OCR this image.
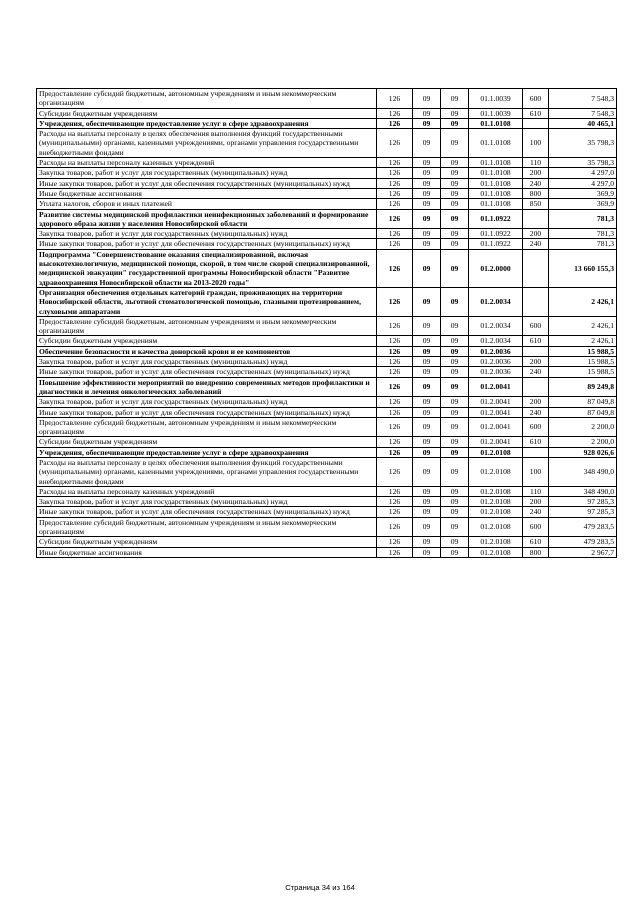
Предоставление субсидий бюджетным, автономным учреждениям и иным некоммерческим организациям	126	09	09	01.1.0039	600	7 548,3
Субсидии бюджетным учреждениям	126	09	09	01.1.0039	610	7 548,3
Учреждения, обеспечивающие предоставление услуг в сфере здравоохранения	126	09	09	01.1.0108		40 465,1
Расходы на выплаты персоналу в целях обеспечения выполнения функций государственными (муниципальными) органами, казенными учреждениями, органами управления государственными внебюджетными фондами	126	09	09	01.1.0108	100	35 798,3
Расходы на выплаты персоналу казенных учреждений	126	09	09	01.1.0108	110	35 798,3
Закупка товаров, работ и услуг для государственных (муниципальных) нужд	126	09	09	01.1.0108	200	4 297,0
Иные закупки товаров, работ и услуг для обеспечения государственных (муниципальных) нужд	126	09	09	01.1.0108	240	4 297,0
Иные бюджетные ассигнования	126	09	09	01.1.0108	800	369,9
Уплата налогов, сборов и иных платежей	126	09	09	01.1.0108	850	369,9
Развитие системы медицинской профилактики неинфекционных заболеваний и формирование здорового образа жизни у населения Новосибирской области	126	09	09	01.1.0922		781,3
Закупка товаров, работ и услуг для государственных (муниципальных) нужд	126	09	09	01.1.0922	200	781,3
Иные закупки товаров, работ и услуг для обеспечения государственных (муниципальных) нужд	126	09	09	01.1.0922	240	781,3
Подпрограмма "Совершенствование оказания специализированной, включая высокотехнологичную, медицинской помощи, скорой, в том числе скорой специализированной, медицинской эвакуации" государственной программы Новосибирской области "Развитие здравоохранения Новосибирской области на 2013-2020 годы"	126	09	09	01.2.0000		13 660 155,3
Организация обеспечения отдельных категорий граждан, проживающих на территории Новосибирской области, льготной стоматологической помощью, глазными протезированием, слуховыми аппаратами	126	09	09	01.2.0034		2 426,1
Предоставление субсидий бюджетным, автономным учреждениям и иным некоммерческим организациям	126	09	09	01.2.0034	600	2 426,1
Субсидии бюджетным учреждениям	126	09	09	01.2.0034	610	2 426,1
Обеспечение безопасности и качества донорской крови и ее компонентов	126	09	09	01.2.0036		15 988,5
Закупка товаров, работ и услуг для государственных (муниципальных) нужд	126	09	09	01.2.0036	200	15 988,5
Иные закупки товаров, работ и услуг для обеспечения государственных (муниципальных) нужд	126	09	09	01.2.0036	240	15 988,5
Повышение эффективности мероприятий по внедрению современных методов профилактики и диагностики и лечения онкологических заболеваний	126	09	09	01.2.0041		89 249,8
Закупка товаров, работ и услуг для государственных (муниципальных) нужд	126	09	09	01.2.0041	200	87 049,8
Иные закупки товаров, работ и услуг для обеспечения государственных (муниципальных) нужд	126	09	09	01.2.0041	240	87 049,8
Предоставление субсидий бюджетным, автономным учреждениям и иным некоммерческим организациям	126	09	09	01.2.0041	600	2 200,0
Субсидии бюджетным учреждениям	126	09	09	01.2.0041	610	2 200,0
Учреждения, обеспечивающие предоставление услуг в сфере здравоохранения	126	09	09	01.2.0108		928 026,6
Расходы на выплаты персоналу в целях обеспечения выполнения функций государственными (муниципальными) органами, казенными учреждениями, органами управления государственными внебюджетными фондами	126	09	09	01.2.0108	100	348 490,0
Расходы на выплаты персоналу казенных учреждений	126	09	09	01.2.0108	110	348 490,0
Закупка товаров, работ и услуг для государственных (муниципальных) нужд	126	09	09	01.2.0108	200	97 285,3
Иные закупки товаров, работ и услуг для обеспечения государственных (муниципальных) нужд	126	09	09	01.2.0108	240	97 285,3
Предоставление субсидий бюджетным, автономным учреждениям и иным некоммерческим организациям	126	09	09	01.2.0108	600	479 283,5
Субсидии бюджетным учреждениям	126	09	09	01.2.0108	610	479 283,5
Иные бюджетные ассигнования	126	09	09	01.2.0108	800	2 967,7
Страница 34 из 164
